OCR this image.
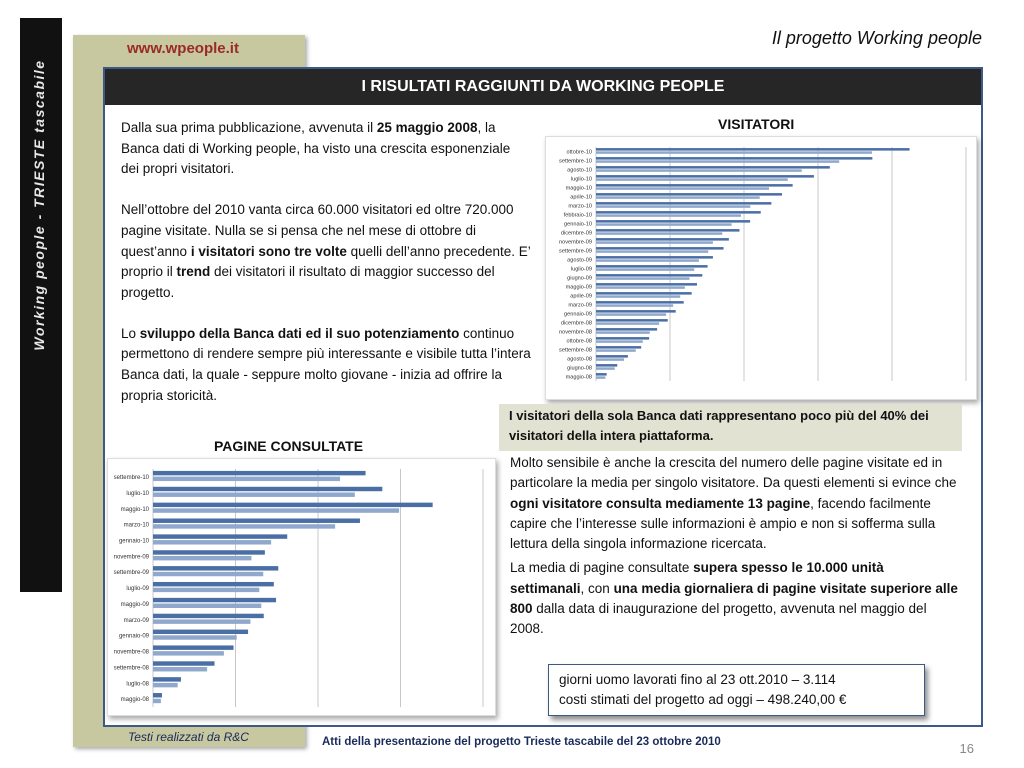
Working people - TRIESTE tascabile
Il progetto Working people
www.wpeople.it
Testi realizzati da R&C
I RISULTATI RAGGIUNTI DA WORKING PEOPLE

Dalla sua prima pubblicazione, avvenuta il 25 maggio 2008, la Banca dati di Working people, ha visto una crescita esponenziale dei propri visitatori.

Nell’ottobre del 2010 vanta circa 60.000 visitatori ed oltre 720.000 pagine visitate. Nulla se si pensa che nel mese di ottobre di quest’anno i visitatori sono tre volte quelli dell’anno precedente. E’ proprio il trend dei visitatori il risultato di maggior successo del progetto.

Lo sviluppo della Banca dati ed il suo potenziamento continuo permettono di rendere sempre più interessante e visibile tutta l’intera Banca dati, la quale - seppure molto giovane - inizia ad offrire la propria storicità.

VISITATORI
ottobre-10
settembre-10
agosto-10
luglio-10
maggio-10
aprile-10
marzo-10
febbraio-10
gennaio-10
dicembre-09
novembre-09
settembre-09
agosto-09
luglio-09
giugno-09
maggio-09
aprile-09
marzo-09
gennaio-09
dicembre-08
novembre-08
ottobre-08
settembre-08
agosto-08
giugno-08
maggio-08
PAGINE CONSULTATE
settembre-10
luglio-10
maggio-10
marzo-10
gennaio-10
novembre-09
settembre-09
luglio-09
maggio-09
marzo-09
gennaio-09
novembre-08
settembre-08
luglio-08
maggio-08
I visitatori della sola Banca dati rappresentano poco più del 40% dei visitatori della intera piattaforma.

Molto sensibile è anche la crescita del numero delle pagine visitate ed in particolare la media per singolo visitatore. Da questi elementi si evince che ogni visitatore consulta mediamente 13 pagine, facendo facilmente capire che l’interesse sulle informazioni è ampio e non si sofferma sulla lettura della singola informazione ricercata.

La media di pagine consultate supera spesso le 10.000 unità settimanali, con una media giornaliera di pagine visitate superiore alle 800 dalla data di inaugurazione del progetto, avvenuta nel maggio del 2008.

giorni uomo lavorati fino al 23 ott.2010 – 3.114
costi stimati del progetto ad oggi – 498.240,00 €
Atti della presentazione del progetto Trieste tascabile del 23 ottobre 2010	16
